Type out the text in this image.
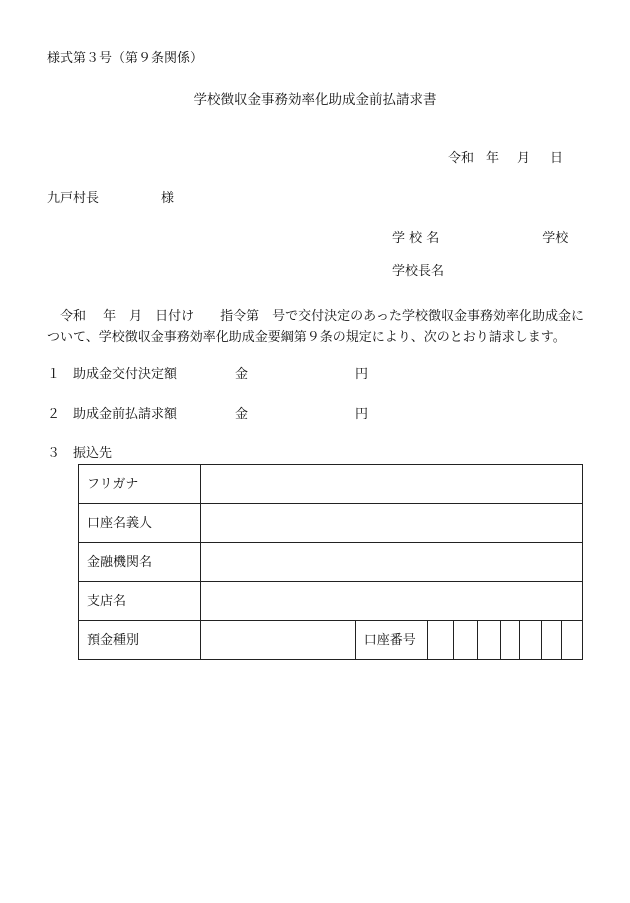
様式第３号（第９条関係）
学校徴収金事務効率化助成金前払請求書
令和 年 月 日
九戸村長	様
学 校 名	学校
学校長名
　令和　 年　月　日付け　　指令第　号で交付決定のあった学校徴収金事務効率化助成金について、学校徴収金事務効率化助成金要綱第９条の規定により、次のとおり請求します。
１ 助成金交付決定額	金	円
２ 助成金前払請求額	金	円
３ 振込先
フリガナ									
口座名義人									
金融機関名									
支店名									
預金種別		口座番号							
